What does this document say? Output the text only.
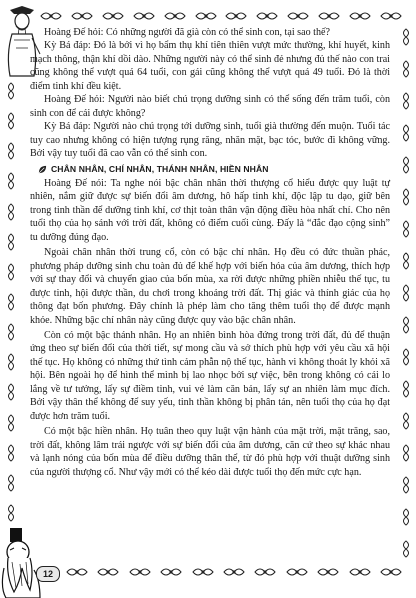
Hoàng Đế hỏi: Có những người đã già còn có thể sinh con, tại sao thế?

Kỳ Bá đáp: Đó là bởi vì họ bẩm thụ khí tiên thiên vượt mức thường, khí huyết, kinh mạch thông, thận khí dồi dào. Những người này có thể sinh đẻ nhưng đủ thế nào con trai cũng không thể vượt quá 64 tuổi, con gái cũng không thể vượt quá 49 tuổi. Đó là thời điểm tinh khí đều kiệt.

Hoàng Đế hỏi: Người nào biết chú trọng dưỡng sinh có thể sống đến trăm tuổi, còn sinh con để cái được không?

Kỳ Bá đáp: Người nào chú trọng tới dưỡng sinh, tuổi già thường đến muộn. Tuổi tác tuy cao nhưng không có hiện tượng rụng răng, nhăn mặt, bạc tóc, bước đi không vững. Bởi vậy tuy tuổi đã cao vẫn có thể sinh con.

CHÂN NHÂN, CHÍ NHÂN, THÁNH NHÂN, HIỀN NHÂN

Hoàng Đế nói: Ta nghe nói bậc chân nhân thời thượng cổ hiểu được quy luật tự nhiên, nắm giữ được sự biến đổi âm dương, hô hấp tinh khí, độc lập tu dạo, giữ bên trong tinh thần để dưỡng tinh khí, cơ thịt toàn thân vận động điều hòa nhất chí. Cho nên tuổi thọ của họ sánh với trời đất, không có điểm cuối cùng. Đấy là “đắc đạo cộng sinh” tu dưỡng đúng đạo.

Ngoài chân nhân thời trung cổ, còn có bậc chí nhân. Họ đều có đức thuần phác, phương pháp dưỡng sinh chu toàn đủ để khế hợp với biến hóa của âm dương, thích hợp với sự thay đổi và chuyển giao của bốn mùa, xa rời được những phiền nhiễu thế tục, tu được tinh, hội được thần, du chơi trong khoảng trời đất. Thị giác và thính giác của họ thông đạt bốn phương. Đây chính là phép làm cho tăng thêm tuổi thọ để được mạnh khỏe. Những bậc chí nhân này cũng được quy vào bậc chân nhân.

Còn có một bậc thánh nhân. Họ an nhiên bình hòa đứng trong trời đất, đủ để thuận ứng theo sự biến đổi của thời tiết, sự mong cầu và sở thích phù hợp với yêu cầu xã hội thế tục. Họ không có những thứ tình cảm phẫn nộ thế tục, hành vi không thoát ly khỏi xã hội. Bên ngoài họ để hình thể mình bị lao nhọc bởi sự việc, bên trong không có cái lo lắng về tư tưởng, lấy sự điềm tinh, vui vẻ làm căn bản, lấy sự an nhiên làm mục đích. Bởi vậy thân thể không để suy yếu, tinh thần không bị phân tán, nên tuổi thọ của họ đạt được hơn trăm tuổi.

Có một bậc hiền nhân. Họ tuân theo quy luật vận hành của mặt trời, mặt trăng, sao, trời đất, không lâm trái ngược với sự biến đổi của âm dương, căn cứ theo sự khác nhau và lạnh nóng của bốn mùa để điều dưỡng thân thể, từ đó phù hợp với thuật dưỡng sinh của người thượng cổ. Như vậy mới có thể kéo dài được tuổi thọ đến mức cực hạn.

12
